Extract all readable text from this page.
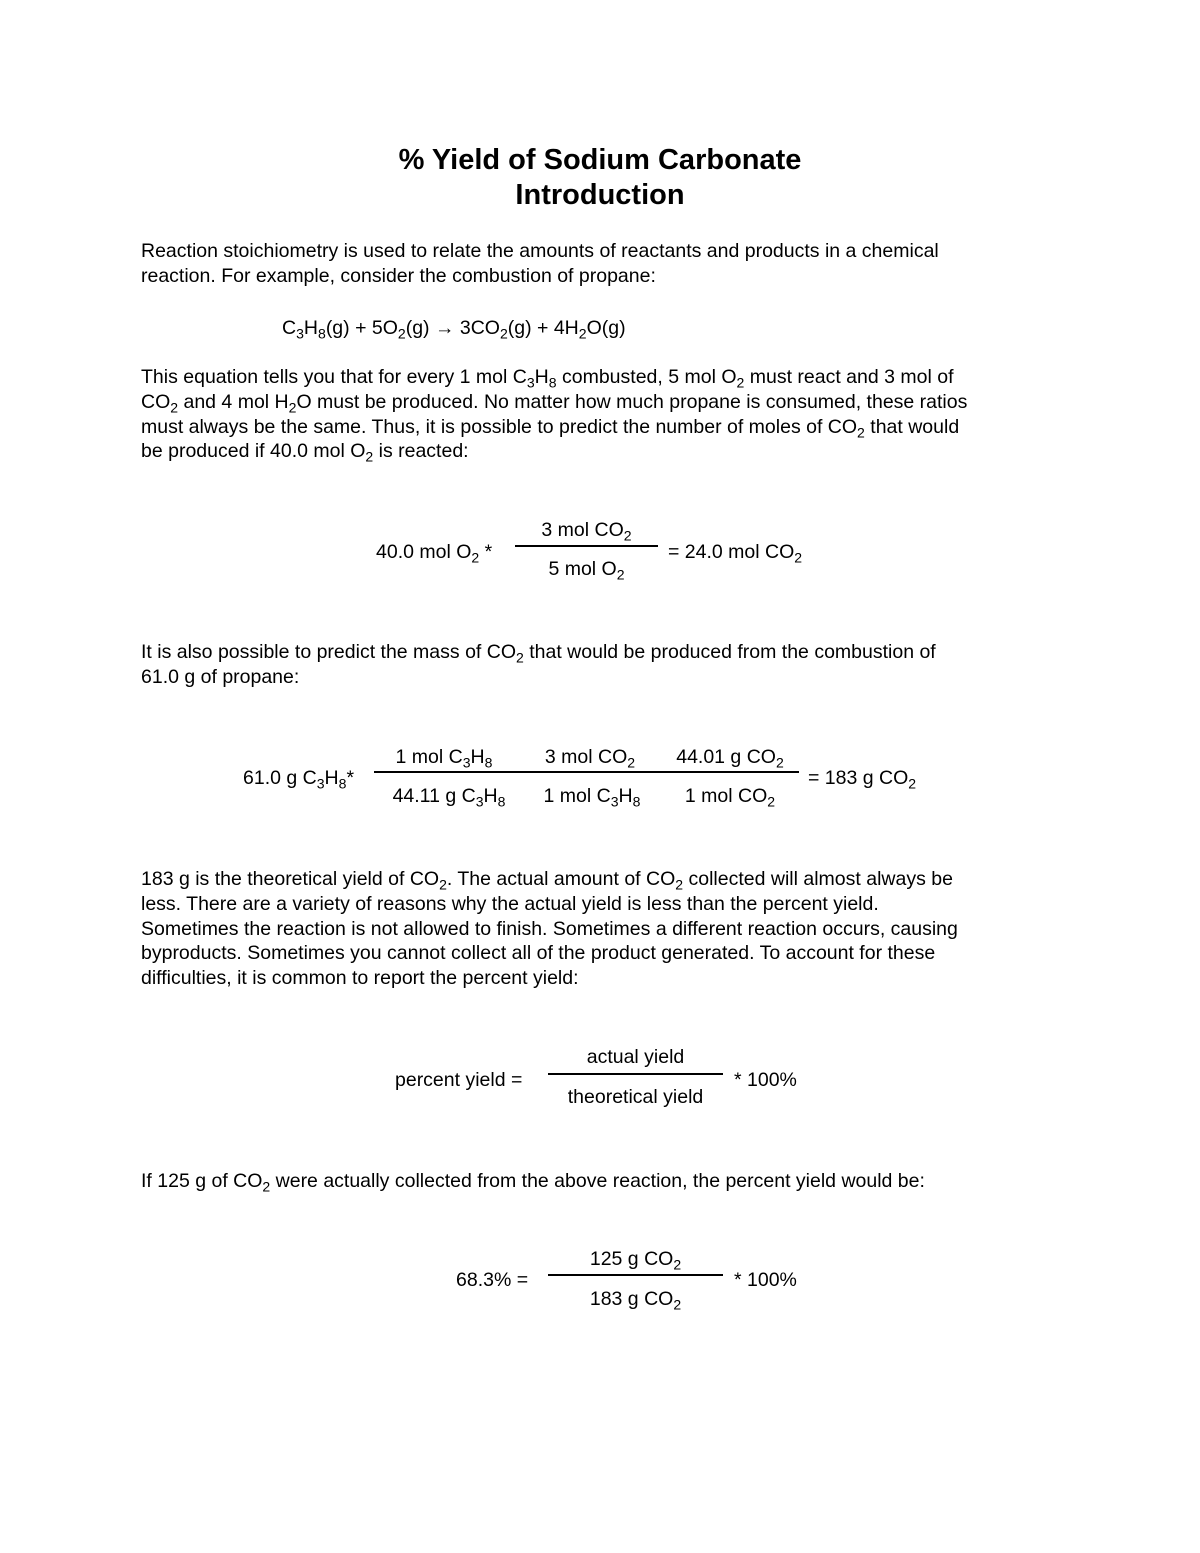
% Yield of Sodium Carbonate
Introduction
Reaction stoichiometry is used to relate the amounts of reactants and products in a chemical
reaction. For example, consider the combustion of propane:
$C_3H_8(g) + 5O_2(g) \to 3CO_2(g) + 4H_2O(g)$
This equation tells you that for every 1 mol $C_3H_8$ combusted, 5 mol $O_2$ must react and 3 mol of
$CO_2$ and 4 mol $H_2O$ must be produced. No matter how much propane is consumed, these ratios
must always be the same. Thus, it is possible to predict the number of moles of $CO_2$ that would
be produced if 40.0 mol $O_2$ is reacted:
40.0 mol $O_2$ *
3 mol $CO_2$
5 mol $O_2$
= 24.0 mol $CO_2$
It is also possible to predict the mass of $CO_2$ that would be produced from the combustion of
61.0 g of propane:
61.0 g $C_3H_8*$
1 mol $C_3H_8$	3 mol $CO_2$	44.01 g $CO_2$
44.11 g $C_3H_8$	1 mol $C_3H_8$	1 mol $CO_2$
= 183 g $CO_2$
183 g is the theoretical yield of $CO_2$. The actual amount of $CO_2$ collected will almost always be
less. There are a variety of reasons why the actual yield is less than the percent yield.
Sometimes the reaction is not allowed to finish. Sometimes a different reaction occurs, causing
byproducts. Sometimes you cannot collect all of the product generated. To account for these
difficulties, it is common to report the percent yield:
percent yield =
actual yield
theoretical yield
* 100%
If 125 g of $CO_2$ were actually collected from the above reaction, the percent yield would be:
68.3% =
125 g $CO_2$
183 g $CO_2$
* 100%
